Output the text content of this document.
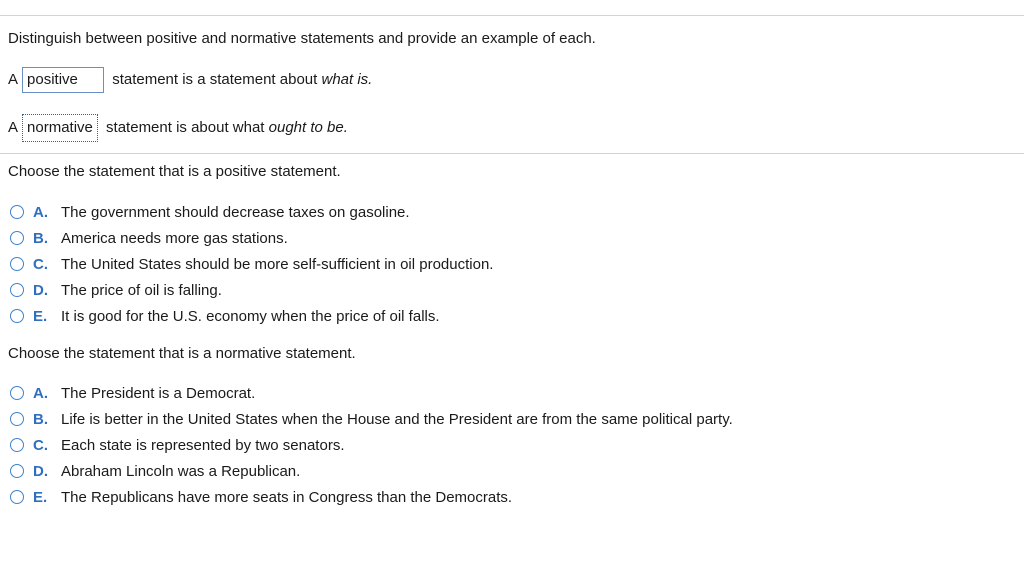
Distinguish between positive and normative statements and provide an example of each.
A positive statement is a statement about what is.
A normative statement is about what ought to be.
Choose the statement that is a positive statement.
A. The government should decrease taxes on gasoline.
B. America needs more gas stations.
C. The United States should be more self-sufficient in oil production.
D. The price of oil is falling.
E. It is good for the U.S. economy when the price of oil falls.
Choose the statement that is a normative statement.
A. The President is a Democrat.
B. Life is better in the United States when the House and the President are from the same political party.
C. Each state is represented by two senators.
D. Abraham Lincoln was a Republican.
E. The Republicans have more seats in Congress than the Democrats.
